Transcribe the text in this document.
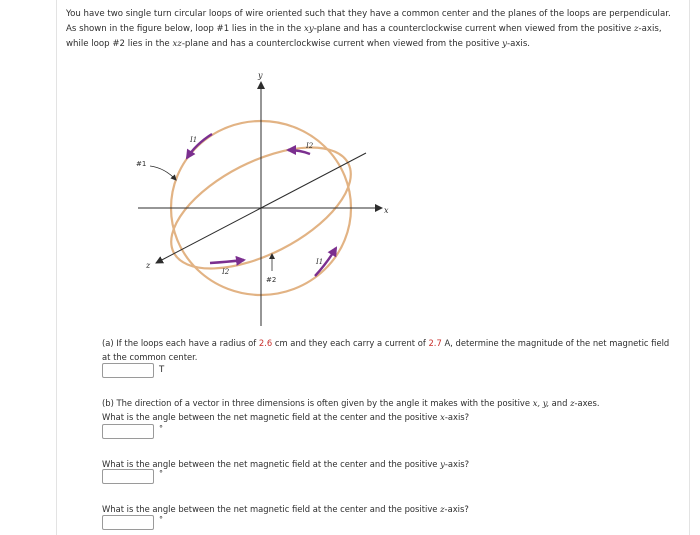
You have two single turn circular loops of wire oriented such that they have a common center and the planes of the loops are perpendicular. As shown in the figure below, loop #1 lies in the in the xy-plane and has a counterclockwise current when viewed from the positive z-axis, while loop #2 lies in the xz-plane and has a counterclockwise current when viewed from the positive y-axis.
y
x
z
#1
#2
I1
I2
I2
I1
(a) If the loops each have a radius of 2.6 cm and they each carry a current of 2.7 A, determine the magnitude of the net magnetic field at the common center.
T
(b) The direction of a vector in three dimensions is often given by the angle it makes with the positive x, y, and z-axes.
What is the angle between the net magnetic field at the center and the positive x-axis?
°
What is the angle between the net magnetic field at the center and the positive y-axis?
°
What is the angle between the net magnetic field at the center and the positive z-axis?
°
